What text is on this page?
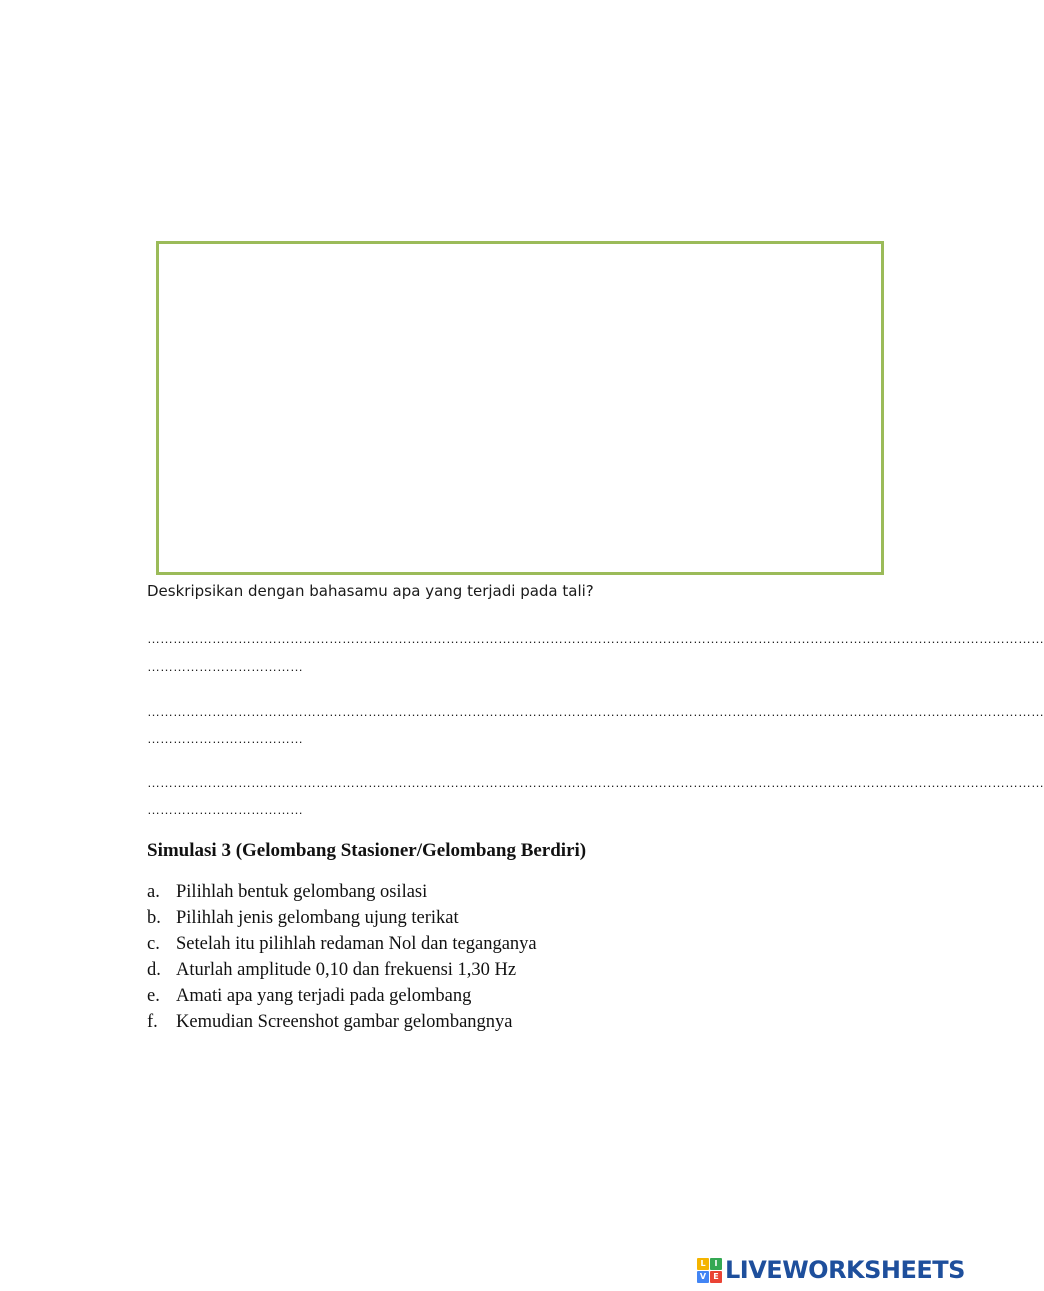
Deskripsikan dengan bahasamu apa yang terjadi pada tali?
………………………………………………………………………………………………………………………………………………………………………………………
………………………………
………………………………………………………………………………………………………………………………………………………………………………………
………………………………
………………………………………………………………………………………………………………………………………………………………………………………
………………………………
Simulasi 3 (Gelombang Stasioner/Gelombang Berdiri)
a. Pilihlah bentuk gelombang osilasi
b. Pilihlah jenis gelombang ujung terikat
c. Setelah itu pilihlah redaman Nol dan teganganya
d. Aturlah amplitude 0,10 dan frekuensi 1,30 Hz
e. Amati apa yang terjadi pada gelombang
f. Kemudian Screenshot gambar gelombangnya
L	I
V E LIVEWORKSHEETS
